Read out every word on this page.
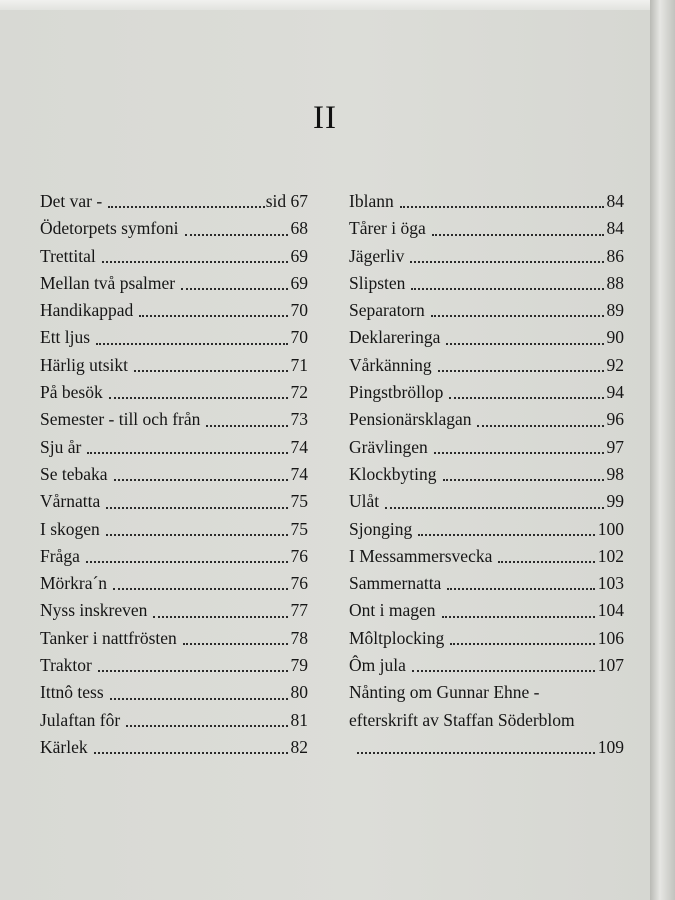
II
Det var -	sid 67
Ödetorpets symfoni	68
Trettital	69
Mellan två psalmer	69
Handikappad	70
Ett ljus	70
Härlig utsikt	71
På besök	72
Semester - till och från	73
Sju år	74
Se tebaka	74
Vårnatta	75
I skogen	75
Fråga	76
Mörkra´n	76
Nyss inskreven	77
Tanker i nattfrösten	78
Traktor	79
Ittnô tess	80
Julaftan fôr	81
Kärlek	82
Iblann	84
Tårer i öga	84
Jägerliv	86
Slipsten	88
Separatorn	89
Deklareringa	90
Vårkänning	92
Pingstbröllop	94
Pensionärsklagan	96
Grävlingen	97
Klockbyting	98
Ulåt	99
Sjonging	100
I Messammersvecka	102
Sammernatta	103
Ont i magen	104
Môltplocking	106
Ôm jula	107
Nånting om Gunnar Ehne -
efterskrift av Staffan Söderblom
109
